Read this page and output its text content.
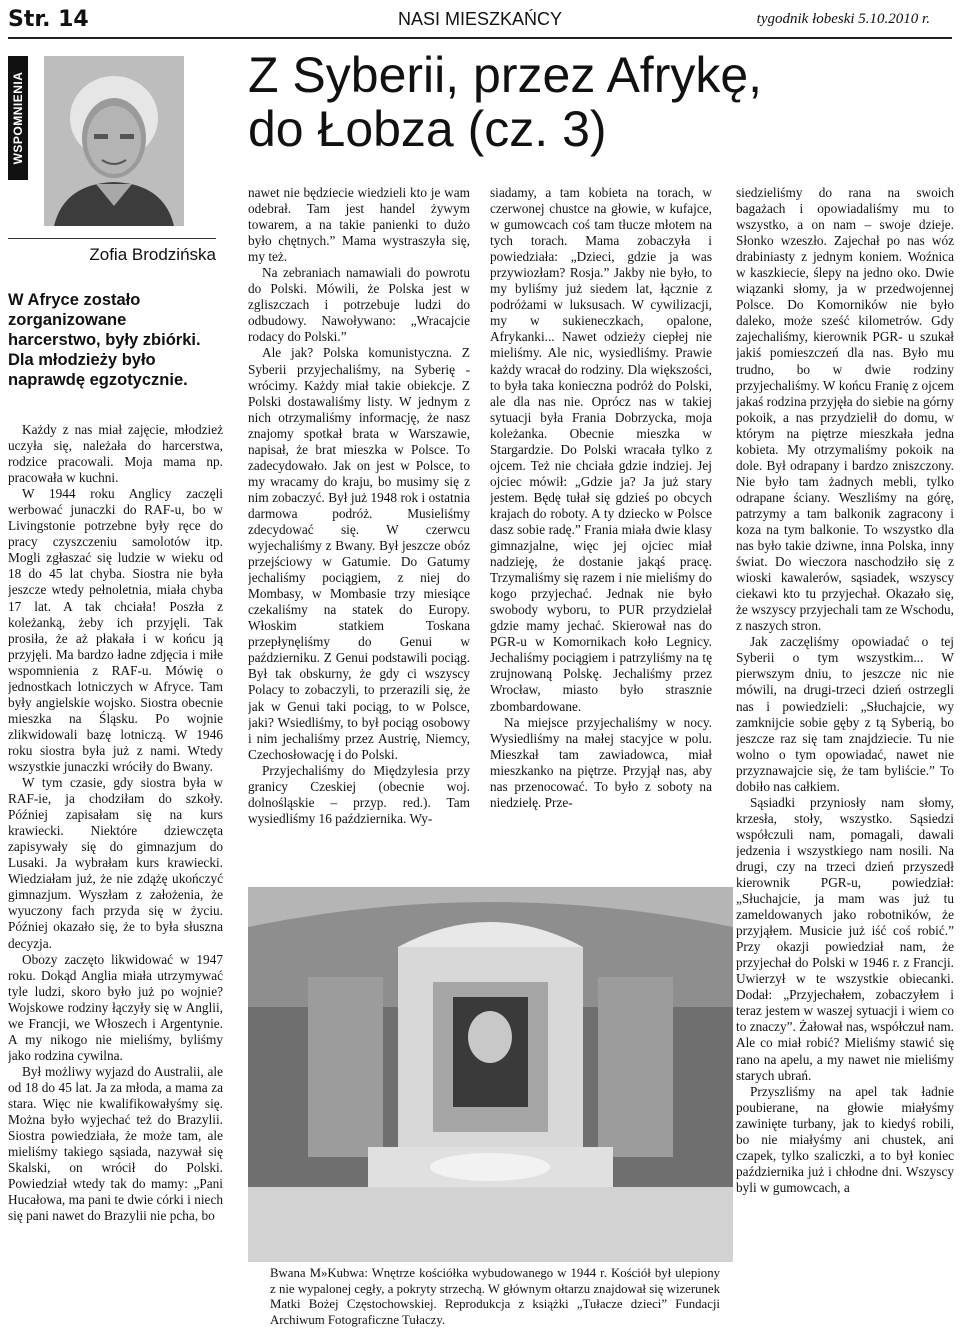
Str. 14	NASI MIESZKAŃCY	tygodnik łobeski 5.10.2010 r.
WSPOMNIENIA
Zofia Brodzińska
W Afryce zostało zorganizowane harcerstwo, były zbiórki. Dla młodzieży było naprawdę egzotycznie.
Z Syberii, przez Afrykę,
do Łobza (cz. 3)

Każdy z nas miał zajęcie, młodzież uczyła się, należała do harcerstwa, rodzice pracowali. Moja mama np. pracowała w kuchni.

W 1944 roku Anglicy zaczęli werbować junaczki do RAF-u, bo w Livingstonie potrzebne były ręce do pracy czyszczeniu samolotów itp. Mogli zgłaszać się ludzie w wieku od 18 do 45 lat chyba. Siostra nie była jeszcze wtedy pełnoletnia, miała chyba 17 lat. A tak chciała! Poszła z koleżanką, żeby ich przyjęli. Tak prosiła, że aż płakała i w końcu ją przyjęli. Ma bardzo ładne zdjęcia i miłe wspomnienia z RAF-u. Mówię o jednostkach lotniczych w Afryce. Tam były angielskie wojsko. Siostra obecnie mieszka na Śląsku. Po wojnie zlikwidowali bazę lotniczą. W 1946 roku siostra była już z nami. Wtedy wszystkie junaczki wróciły do Bwany.

W tym czasie, gdy siostra była w RAF-ie, ja chodziłam do szkoły. Później zapisałam się na kurs krawiecki. Niektóre dziewczęta zapisywały się do gimnazjum do Lusaki. Ja wybrałam kurs krawiecki. Wiedziałam już, że nie zdążę ukończyć gimnazjum. Wyszłam z założenia, że wyuczony fach przyda się w życiu. Później okazało się, że to była słuszna decyzja.

Obozy zaczęto likwidować w 1947 roku. Dokąd Anglia miała utrzymywać tyle ludzi, skoro było już po wojnie? Wojskowe rodziny łączyły się w Anglii, we Francji, we Włoszech i Argentynie. A my nikogo nie mieliśmy, byliśmy jako rodzina cywilna.

Był możliwy wyjazd do Australii, ale od 18 do 45 lat. Ja za młoda, a mama za stara. Więc nie kwalifikowałyśmy się. Można było wyjechać też do Brazylii. Siostra powiedziała, że może tam, ale mieliśmy takiego sąsiada, nazywał się Skalski, on wrócił do Polski. Powiedział wtedy tak do mamy: „Pani Hucałowa, ma pani te dwie córki i niech się pani nawet do Brazylii nie pcha, bo

nawet nie będziecie wiedzieli kto je wam odebrał. Tam jest handel żywym towarem, a na takie panienki to dużo było chętnych.” Mama wystraszyła się, my też.

Na zebraniach namawiali do powrotu do Polski. Mówili, że Polska jest w zgliszczach i potrzebuje ludzi do odbudowy. Nawoływano: „Wracajcie rodacy do Polski.”

Ale jak? Polska komunistyczna. Z Syberii przyjechaliśmy, na Syberię - wrócimy. Każdy miał takie obiekcje. Z Polski dostawaliśmy listy. W jednym z nich otrzymaliśmy informację, że nasz znajomy spotkał brata w Warszawie, napisał, że brat mieszka w Polsce. To zadecydowało. Jak on jest w Polsce, to my wracamy do kraju, bo musimy się z nim zobaczyć. Był już 1948 rok i ostatnia darmowa podróż. Musieliśmy zdecydować się. W czerwcu wyjechaliśmy z Bwany. Był jeszcze obóz przejściowy w Gatumie. Do Gatumy jechaliśmy pociągiem, z niej do Mombasy, w Mombasie trzy miesiące czekaliśmy na statek do Europy. Włoskim statkiem Toskana przepłynęliśmy do Genui w październiku. Z Genui podstawili pociąg. Był tak obskurny, że gdy ci wszyscy Polacy to zobaczyli, to przerazili się, że jak w Genui taki pociąg, to w Polsce, jaki? Wsiedliśmy, to był pociąg osobowy i nim jechaliśmy przez Austrię, Niemcy, Czechosłowację i do Polski.

Przyjechaliśmy do Międzylesia przy granicy Czeskiej (obecnie woj. dolnośląskie – przyp. red.). Tam wysiedliśmy 16 października. Wy-

siadamy, a tam kobieta na torach, w czerwonej chustce na głowie, w kufajce, w gumowcach coś tam tłucze młotem na tych torach. Mama zobaczyła i powiedziała: „Dzieci, gdzie ja was przywiozłam? Rosja.” Jakby nie było, to my byliśmy już siedem lat, łącznie z podróżami w luksusach. W cywilizacji, my w sukieneczkach, opalone, Afrykanki... Nawet odzieży ciepłej nie mieliśmy. Ale nic, wysiedliśmy. Prawie każdy wracał do rodziny. Dla większości, to była taka konieczna podróż do Polski, ale dla nas nie. Oprócz nas w takiej sytuacji była Frania Dobrzycka, moja koleżanka. Obecnie mieszka w Stargardzie. Do Polski wracała tylko z ojcem. Też nie chciała gdzie indziej. Jej ojciec mówił: „Gdzie ja? Ja już stary jestem. Będę tułał się gdzieś po obcych krajach do roboty. A ty dziecko w Polsce dasz sobie radę.” Frania miała dwie klasy gimnazjalne, więc jej ojciec miał nadzieję, że dostanie jakąś pracę. Trzymaliśmy się razem i nie mieliśmy do kogo przyjechać. Jednak nie było swobody wyboru, to PUR przydzielał gdzie mamy jechać. Skierował nas do PGR-u w Komornikach koło Legnicy. Jechaliśmy pociągiem i patrzyliśmy na tę zrujnowaną Polskę. Jechaliśmy przez Wrocław, miasto było strasznie zbombardowane.

Na miejsce przyjechaliśmy w nocy. Wysiedliśmy na małej stacyjce w polu. Mieszkał tam zawiadowca, miał mieszkanko na piętrze. Przyjął nas, aby nas przenocować. To było z soboty na niedzielę. Prze-

siedzieliśmy do rana na swoich bagażach i opowiadaliśmy mu to wszystko, a on nam – swoje dzieje. Słonko wzeszło. Zajechał po nas wóz drabiniasty z jednym koniem. Woźnica w kaszkiecie, ślepy na jedno oko. Dwie wiązanki słomy, ja w przedwojennej Polsce. Do Komorników nie było daleko, może sześć kilometrów. Gdy zajechaliśmy, kierownik PGR- u szukał jakiś pomieszczeń dla nas. Było mu trudno, bo w dwie rodziny przyjechaliśmy. W końcu Franię z ojcem jakaś rodzina przyjęła do siebie na górny pokoik, a nas przydzielił do domu, w którym na piętrze mieszkała jedna kobieta. My otrzymaliśmy pokoik na dole. Był odrapany i bardzo zniszczony. Nie było tam żadnych mebli, tylko odrapane ściany. Weszliśmy na górę, patrzymy a tam balkonik zagracony i koza na tym balkonie. To wszystko dla nas było takie dziwne, inna Polska, inny świat. Do wieczora naschodziło się z wioski kawalerów, sąsiadek, wszyscy ciekawi kto tu przyjechał. Okazało się, że wszyscy przyjechali tam ze Wschodu, z naszych stron.

Jak zaczęliśmy opowiadać o tej Syberii o tym wszystkim... W pierwszym dniu, to jeszcze nic nie mówili, na drugi-trzeci dzień ostrzegli nas i powiedzieli: „Słuchajcie, wy zamknijcie sobie gęby z tą Syberią, bo jeszcze raz się tam znajdziecie. Tu nie wolno o tym opowiadać, nawet nie przyznawajcie się, że tam byliście.” To dobiło nas całkiem.

Sąsiadki przyniosły nam słomy, krzesła, stoły, wszystko. Sąsiedzi współczuli nam, pomagali, dawali jedzenia i wszystkiego nam nosili. Na drugi, czy na trzeci dzień przyszedł kierownik PGR-u, powiedział: „Słuchajcie, ja mam was już tu zameldowanych jako robotników, że przyjąłem. Musicie już iść coś robić.” Przy okazji powiedział nam, że przyjechał do Polski w 1946 r. z Francji. Uwierzył w te wszystkie obiecanki. Dodał: „Przyjechałem, zobaczyłem i teraz jestem w waszej sytuacji i wiem co to znaczy”. Żałował nas, współczuł nam. Ale co miał robić? Mieliśmy stawić się rano na apelu, a my nawet nie mieliśmy starych ubrań.

Przyszliśmy na apel tak ładnie poubierane, na głowie miałyśmy zawinięte turbany, jak to kiedyś robili, bo nie miałyśmy ani chustek, ani czapek, tylko szaliczki, a to był koniec października już i chłodne dni. Wszyscy byli w gumowcach, a

Bwana M»Kubwa: Wnętrze kościółka wybudowanego w 1944 r. Kościół był ulepiony z nie wypalonej cegły, a pokryty strzechą. W głównym ołtarzu znajdował się wizerunek Matki Bożej Częstochowskiej. Reprodukcja z książki „Tułacze dzieci” Fundacji Archiwum Fotograficzne Tułaczy.
